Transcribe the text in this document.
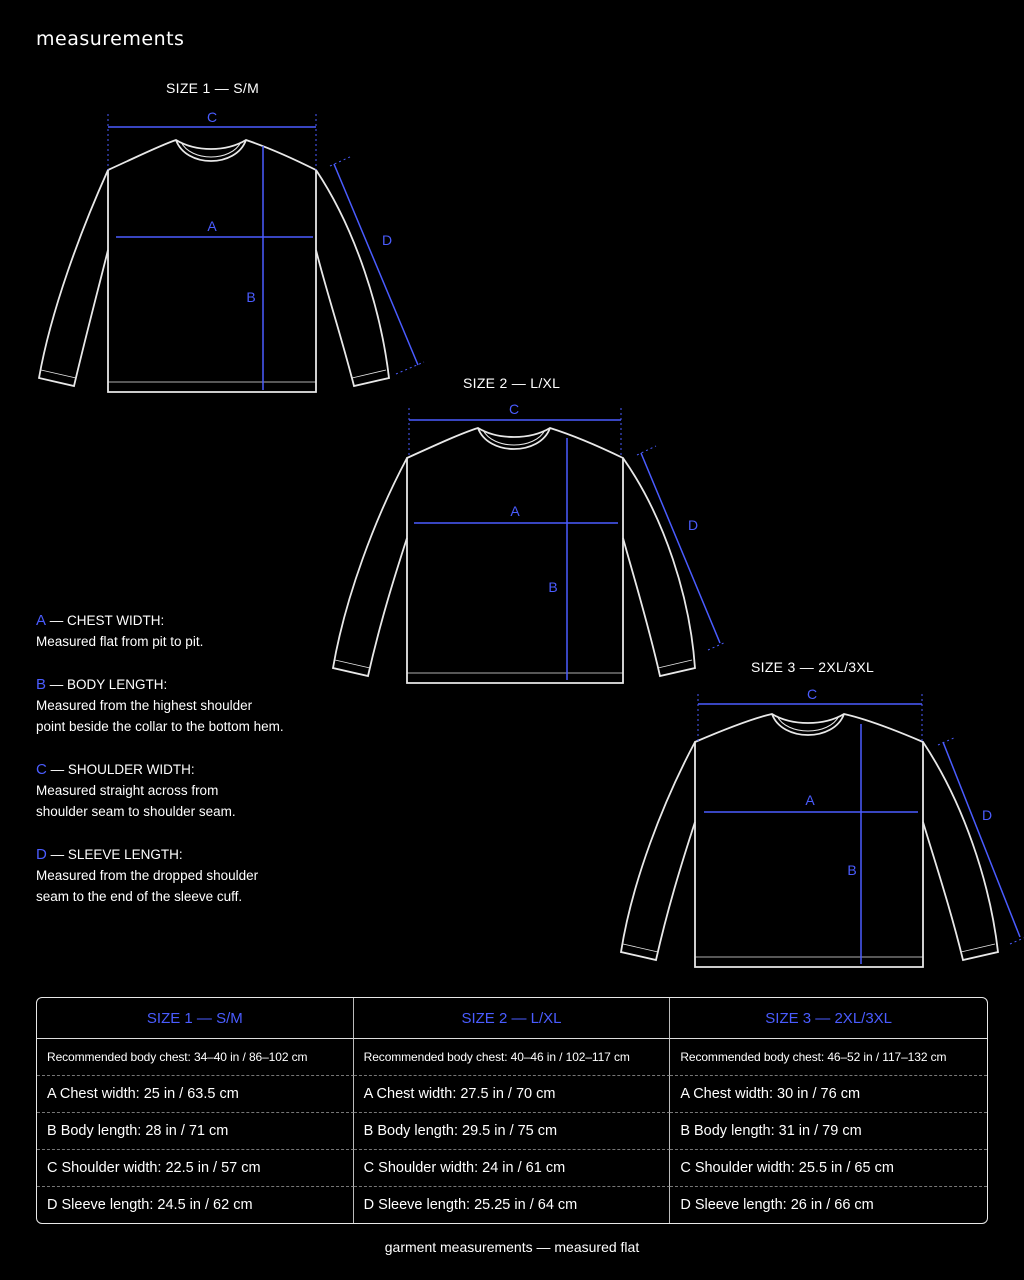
measurements
SIZE 1 — S/M
C
A
B
D
SIZE 2 — L/XL
C
A
B
D
SIZE 3 — 2XL/3XL
C
A
B
D
A — CHEST WIDTH:
Measured flat from pit to pit.
B — BODY LENGTH:
Measured from the highest shoulder
point beside the collar to the bottom hem.
C — SHOULDER WIDTH:
Measured straight across from
shoulder seam to shoulder seam.
D — SLEEVE LENGTH:
Measured from the dropped shoulder
seam to the end of the sleeve cuff.
SIZE 1 — S/M	SIZE 2 — L/XL	SIZE 3 — 2XL/3XL
Recommended body chest: 34–40 in / 86–102 cm	Recommended body chest: 40–46 in / 102–117 cm	Recommended body chest: 46–52 in / 117–132 cm
A Chest width: 25 in / 63.5 cm	A Chest width: 27.5 in / 70 cm	A Chest width: 30 in / 76 cm
B Body length: 28 in / 71 cm	B Body length: 29.5 in / 75 cm	B Body length: 31 in / 79 cm
C Shoulder width: 22.5 in / 57 cm	C Shoulder width: 24 in / 61 cm	C Shoulder width: 25.5 in / 65 cm
D Sleeve length: 24.5 in / 62 cm	D Sleeve length: 25.25 in / 64 cm	D Sleeve length: 26 in / 66 cm
garment measurements — measured flat
